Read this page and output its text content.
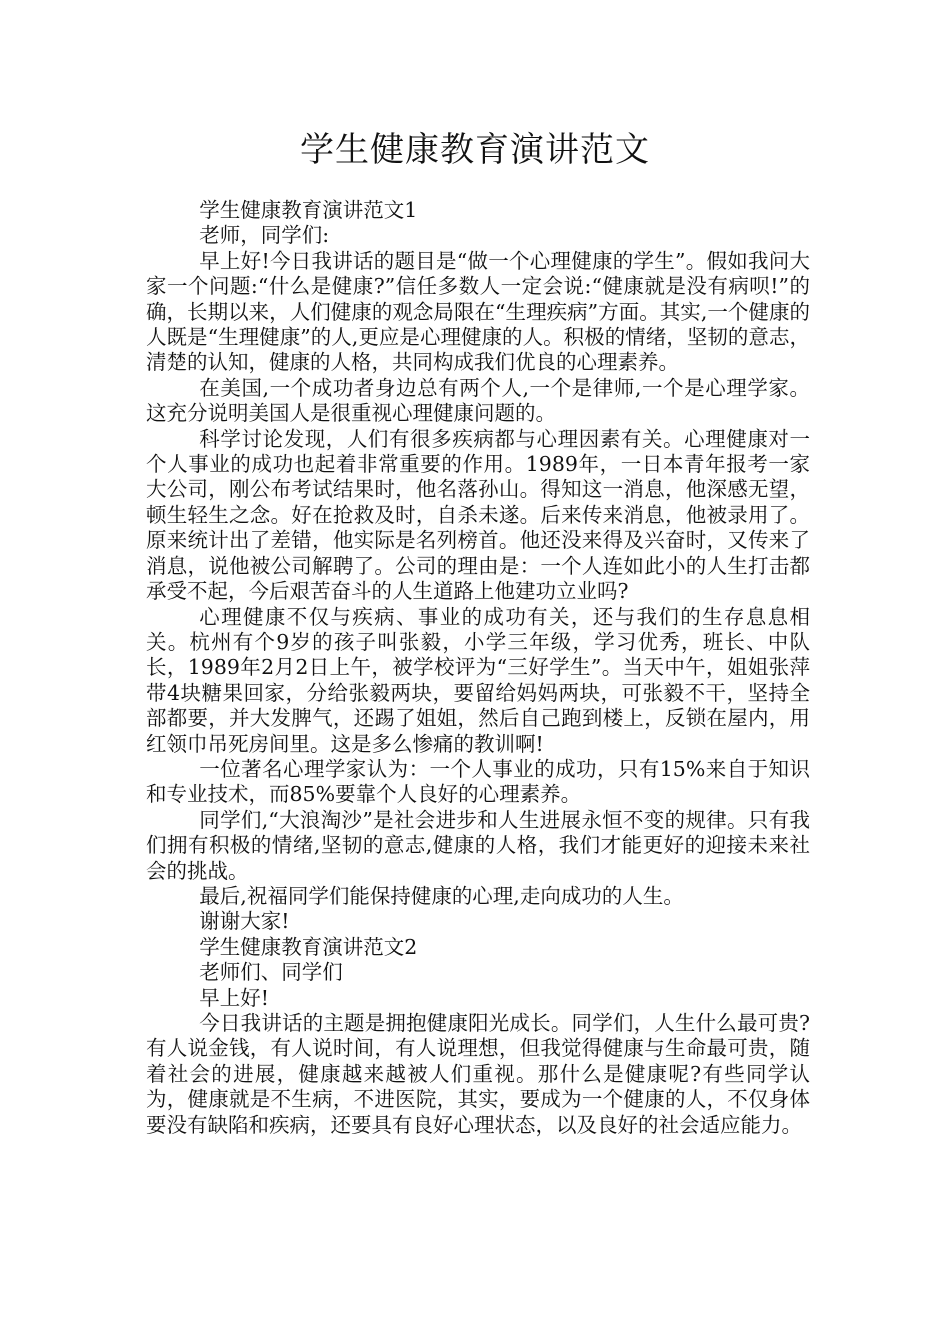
学生健康教育演讲范文

学生健康教育演讲范文1

老师，同学们:

早上好!今日我讲话的题目是“做一个心理健康的学生”。假如我问大家一个问题:“什么是健康?”信任多数人一定会说:“健康就是没有病呗!”的确，长期以来，人们健康的观念局限在“生理疾病”方面。其实,一个健康的人既是“生理健康”的人,更应是心理健康的人。积极的情绪，坚韧的意志，清楚的认知，健康的人格，共同构成我们优良的心理素养。

在美国,一个成功者身边总有两个人,一个是律师,一个是心理学家。这充分说明美国人是很重视心理健康问题的。

科学讨论发现，人们有很多疾病都与心理因素有关。心理健康对一个人事业的成功也起着非常重要的作用。1989年，一日本青年报考一家大公司，刚公布考试结果时，他名落孙山。得知这一消息，他深感无望，顿生轻生之念。好在抢救及时，自杀未遂。后来传来消息，他被录用了。原来统计出了差错，他实际是名列榜首。他还没来得及兴奋时，又传来了消息，说他被公司解聘了。公司的理由是：一个人连如此小的人生打击都承受不起，今后艰苦奋斗的人生道路上他建功立业吗?

心理健康不仅与疾病、事业的成功有关，还与我们的生存息息相关。杭州有个9岁的孩子叫张毅，小学三年级，学习优秀，班长、中队长，1989年2月2日上午，被学校评为“三好学生”。当天中午，姐姐张萍带4块糖果回家，分给张毅两块，要留给妈妈两块，可张毅不干，坚持全部都要，并大发脾气，还踢了姐姐，然后自己跑到楼上，反锁在屋内，用红领巾吊死房间里。这是多么惨痛的教训啊!

一位著名心理学家认为：一个人事业的成功，只有15%来自于知识和专业技术，而85%要靠个人良好的心理素养。

同学们,“大浪淘沙”是社会进步和人生进展永恒不变的规律。只有我们拥有积极的情绪,坚韧的意志,健康的人格，我们才能更好的迎接未来社会的挑战。

最后,祝福同学们能保持健康的心理,走向成功的人生。

谢谢大家!

学生健康教育演讲范文2

老师们、同学们

早上好!

今日我讲话的主题是拥抱健康阳光成长。同学们，人生什么最可贵?有人说金钱，有人说时间，有人说理想，但我觉得健康与生命最可贵，随着社会的进展，健康越来越被人们重视。那什么是健康呢?有些同学认为，健康就是不生病，不进医院，其实，要成为一个健康的人，不仅身体要没有缺陷和疾病，还要具有良好心理状态，以及良好的社会适应能力。
